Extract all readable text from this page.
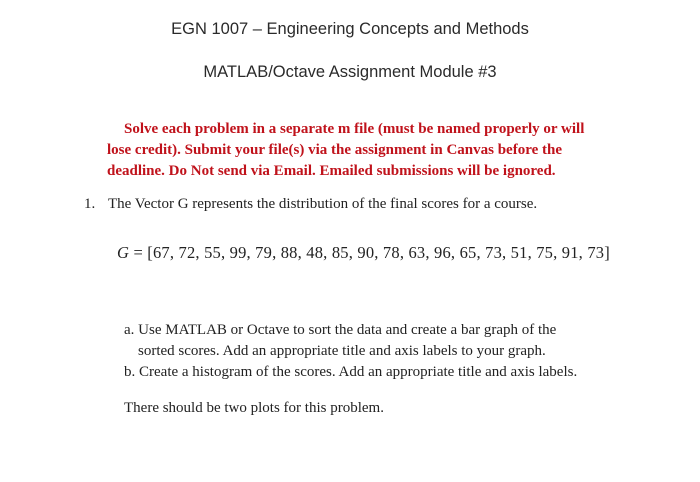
EGN 1007 – Engineering Concepts and Methods
MATLAB/Octave Assignment Module #3
Solve each problem in a separate m file (must be named properly or will
lose credit). Submit your file(s) via the assignment in Canvas before the
deadline. Do Not send via Email. Emailed submissions will be ignored.
1. The Vector G represents the distribution of the final scores for a course.
G = [67, 72, 55, 99, 79, 88, 48, 85, 90, 78, 63, 96, 65, 73, 51, 75, 91, 73]
a. Use MATLAB or Octave to sort the data and create a bar graph of the
sorted scores. Add an appropriate title and axis labels to your graph.
b. Create a histogram of the scores. Add an appropriate title and axis labels.
There should be two plots for this problem.
